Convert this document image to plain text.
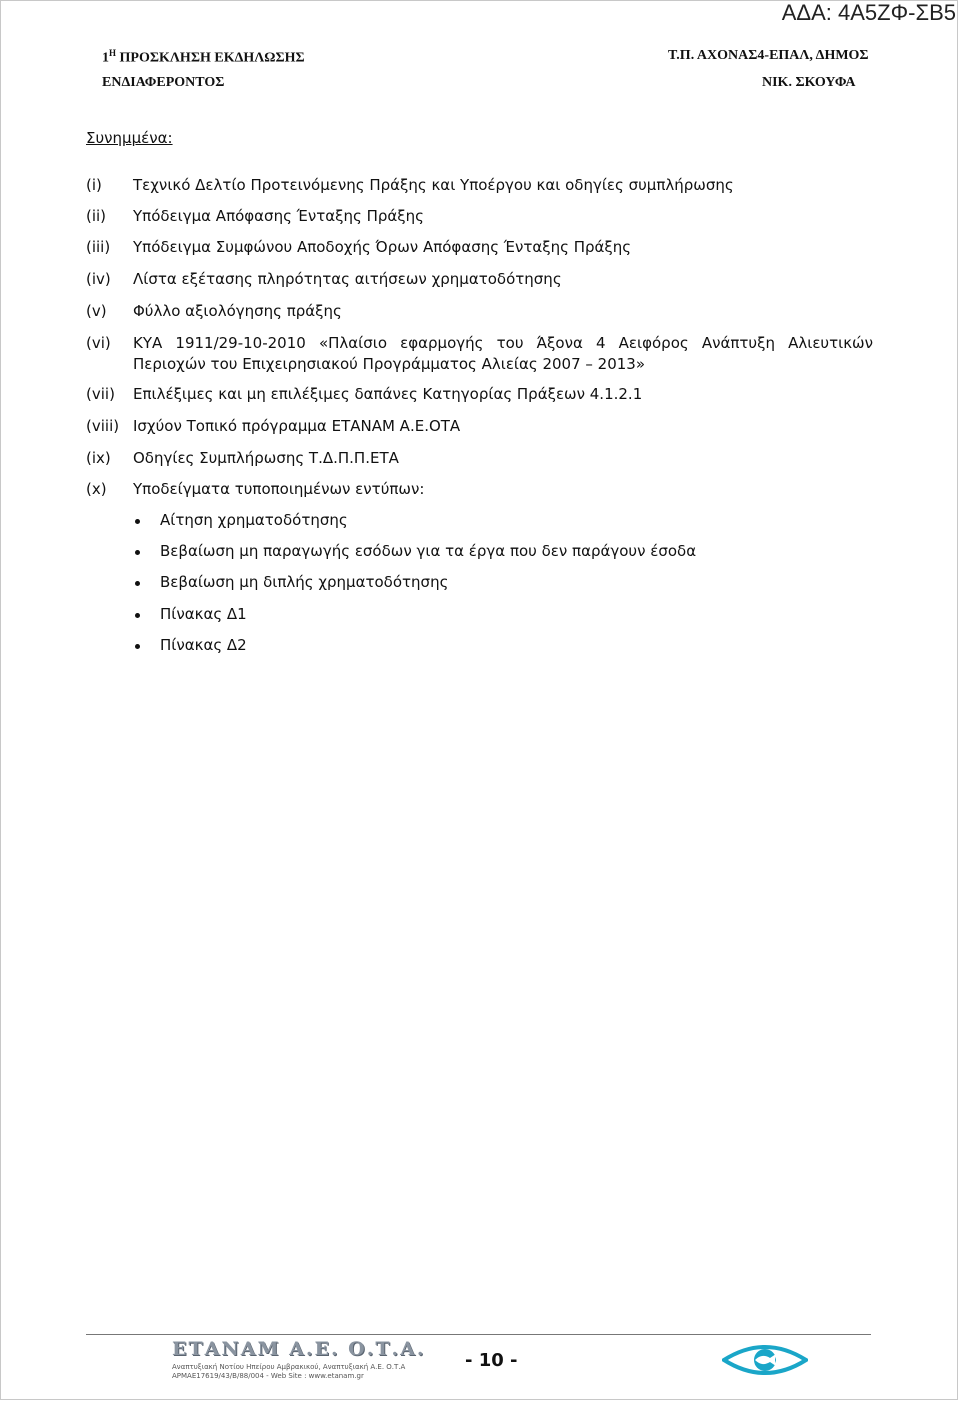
ΑΔΑ: 4Α5ΖΦ-ΣΒ5
$1^H$ ΠΡΟΣΚΛΗΣΗ ΕΚΔΗΛΩΣΗΣ
ΕΝΔΙΑΦΕΡΟΝΤΟΣ
Τ.Π. ΑΧΟΝΑΣ4-ΕΠΑΛ, ΔΗΜΟΣ
ΝΙΚ. ΣΚΟΥΦΑ
Συνημμένα:
(i)	Τεχνικό Δελτίο Προτεινόμενης Πράξης και Υποέργου και οδηγίες συμπλήρωσης
(ii)	Υπόδειγμα Απόφασης Ένταξης Πράξης
(iii)	Υπόδειγμα Συμφώνου Αποδοχής Όρων Απόφασης Ένταξης Πράξης
(iv)	Λίστα εξέτασης πληρότητας αιτήσεων χρηματοδότησης
(v)	Φύλλο αξιολόγησης πράξης
(vi)	ΚΥΑ 1911/29-10-2010 «Πλαίσιο εφαρμογής του Άξονα 4 Αειφόρος Ανάπτυξη Αλιευτικών Περιοχών του Επιχειρησιακού Προγράμματος Αλιείας 2007 – 2013»
(vii)	Επιλέξιμες και μη επιλέξιμες δαπάνες Κατηγορίας Πράξεων 4.1.2.1
(viii) Ισχύον Τοπικό πρόγραμμα ΕΤΑΝΑΜ Α.Ε.ΟΤΑ
(ix)	Οδηγίες Συμπλήρωσης Τ.Δ.Π.Π.ΕΤΑ
(x)	Υποδείγματα τυποποιημένων εντύπων:
Αίτηση χρηματοδότησης
Βεβαίωση μη παραγωγής εσόδων για τα έργα που δεν παράγουν έσοδα
Βεβαίωση μη διπλής χρηματοδότησης
Πίνακας Δ1
Πίνακας Δ2
ΕΤΑΝΑΜ Α.Ε. Ο.Τ.Α.
Αναπτυξιακή Νοτίου Ηπείρου Αμβρακικού, Αναπτυξιακή Α.Ε. Ο.Τ.Α
ΑΡΜΑΕ17619/43/Β/88/004 - Web Site : www.etanam.gr
- 10 -
